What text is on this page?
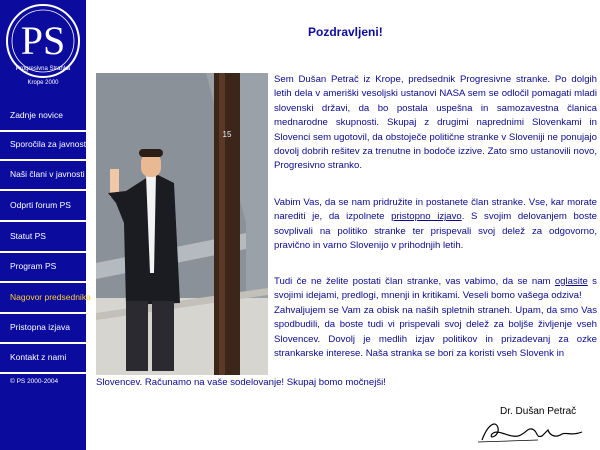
PS
Progresivna Stranka
Krope 2000
Zadnje novice
Sporočila za javnost
Naši člani v javnosti
Odprti forum PS
Statut PS
Program PS
Nagovor predsednika
Pristopna izjava
Kontakt z nami
© PS 2000-2004
Pozdravljeni!
15
Sem Dušan Petrač iz Krope, predsednik Progresivne stranke. Po dolgih letih dela v ameriški vesoljski ustanovi NASA sem se odločil pomagati mladi slovenski državi, da bo postala uspešna in samozavestna članica mednarodne skupnosti. Skupaj z drugimi naprednimi Slovenkami in Slovenci sem ugotovil, da obstoječe politične stranke v Sloveniji ne ponujajo dovolj dobrih rešitev za trenutne in bodoče izzive. Zato smo ustanovili novo, Progresivno stranko.
Vabim Vas, da se nam pridružite in postanete član stranke. Vse, kar morate narediti je, da izpolnete pristopno izjavo. S svojim delovanjem boste sovplivali na politiko stranke ter prispevali svoj delež za odgovorno, pravično in varno Slovenijo v prihodnjih letih.
Tudi če ne želite postati član stranke, vas vabimo, da se nam oglasite s svojimi idejami, predlogi, mnenji in kritikami. Veseli bomo vašega odziva!
Zahvaljujem se Vam za obisk na naših spletnih straneh. Upam, da smo Vas spodbudili, da boste tudi vi prispevali svoj delež za boljše življenje vseh Slovencev. Dovolj je medlih izjav politikov in prizadevanj za ozke strankarske interese. Naša stranka se bori za koristi vseh Slovenk in
Slovencev. Računamo na vaše sodelovanje! Skupaj bomo močnejši!
Dr. Dušan Petrač
